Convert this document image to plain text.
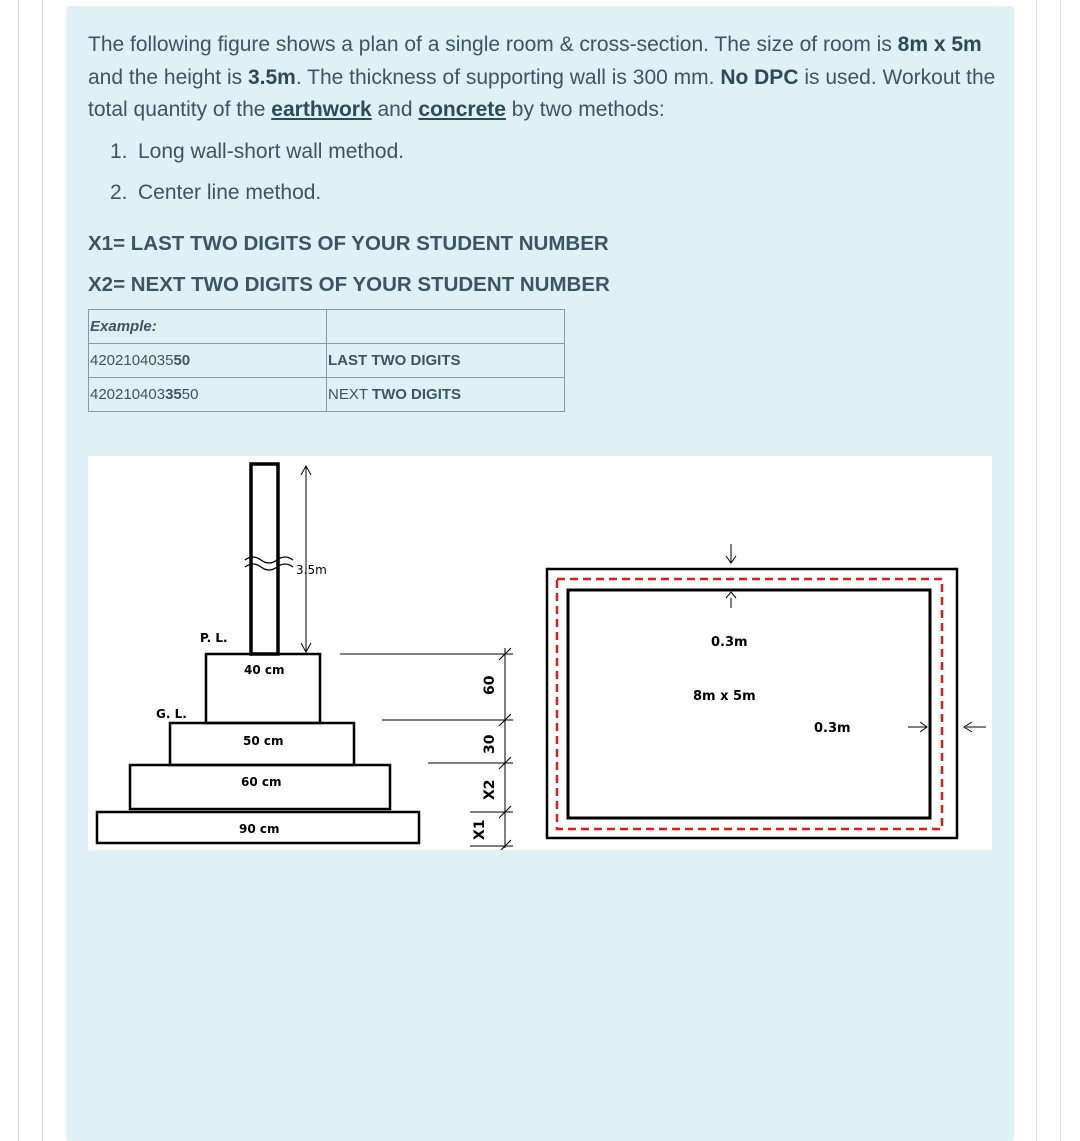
The following figure shows a plan of a single room & cross-section. The size of room is 8m x 5m and the height is 3.5m. The thickness of supporting wall is 300 mm. No DPC is used. Workout the total quantity of the earthwork and concrete by two methods:
1. Long wall-short wall method.
2. Center line method.
X1= LAST TWO DIGITS OF YOUR STUDENT NUMBER
X2= NEXT TWO DIGITS OF YOUR STUDENT NUMBER
Example:	
420210403550	LAST TWO DIGITS
4202104033550	NEXT TWO DIGITS
3.5m
P. L.
G. L.
40 cm
50 cm
60 cm
90 cm
60
30
X2
X1
0.3m
8m x 5m
0.3m
